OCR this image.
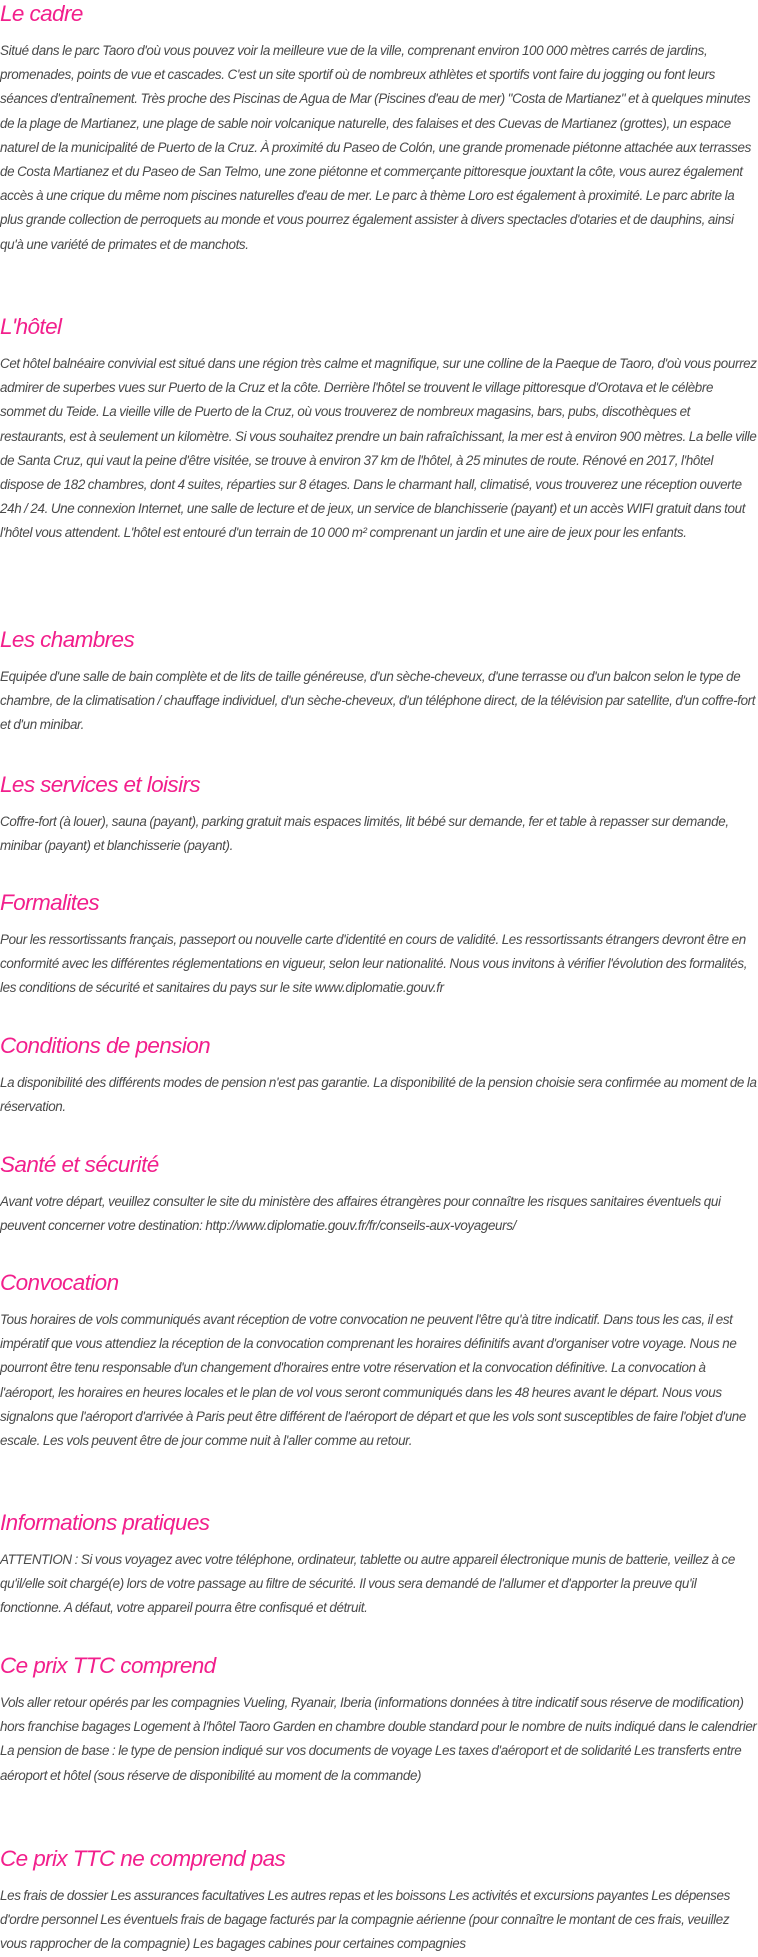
Le cadre

Situé dans le parc Taoro d'où vous pouvez voir la meilleure vue de la ville, comprenant environ 100 000 mètres carrés de jardins, promenades, points de vue et cascades. C'est un site sportif où de nombreux athlètes et sportifs vont faire du jogging ou font leurs séances d'entraînement. Très proche des Piscinas de Agua de Mar (Piscines d'eau de mer) "Costa de Martianez" et à quelques minutes de la plage de Martianez, une plage de sable noir volcanique naturelle, des falaises et des Cuevas de Martianez (grottes), un espace naturel de la municipalité de Puerto de la Cruz. À proximité du Paseo de Colón, une grande promenade piétonne attachée aux terrasses de Costa Martianez et du Paseo de San Telmo, une zone piétonne et commerçante pittoresque jouxtant la côte, vous aurez également accès à une crique du même nom piscines naturelles d'eau de mer. Le parc à thème Loro est également à proximité. Le parc abrite la plus grande collection de perroquets au monde et vous pourrez également assister à divers spectacles d'otaries et de dauphins, ainsi qu'à une variété de primates et de manchots.

L'hôtel

Cet hôtel balnéaire convivial est situé dans une région très calme et magnifique, sur une colline de la Paeque de Taoro, d'où vous pourrez admirer de superbes vues sur Puerto de la Cruz et la côte. Derrière l'hôtel se trouvent le village pittoresque d'Orotava et le célèbre sommet du Teide. La vieille ville de Puerto de la Cruz, où vous trouverez de nombreux magasins, bars, pubs, discothèques et restaurants, est à seulement un kilomètre. Si vous souhaitez prendre un bain rafraîchissant, la mer est à environ 900 mètres. La belle ville de Santa Cruz, qui vaut la peine d'être visitée, se trouve à environ 37 km de l'hôtel, à 25 minutes de route. Rénové en 2017, l'hôtel dispose de 182 chambres, dont 4 suites, réparties sur 8 étages. Dans le charmant hall, climatisé, vous trouverez une réception ouverte 24h / 24. Une connexion Internet, une salle de lecture et de jeux, un service de blanchisserie (payant) et un accès WIFI gratuit dans tout l'hôtel vous attendent. L'hôtel est entouré d'un terrain de 10 000 m² comprenant un jardin et une aire de jeux pour les enfants.

Les chambres

Equipée d'une salle de bain complète et de lits de taille généreuse, d'un sèche-cheveux, d'une terrasse ou d'un balcon selon le type de chambre, de la climatisation / chauffage individuel, d'un sèche-cheveux, d'un téléphone direct, de la télévision par satellite, d'un coffre-fort et d'un minibar.

Les services et loisirs

Coffre-fort (à louer), sauna (payant), parking gratuit mais espaces limités, lit bébé sur demande, fer et table à repasser sur demande, minibar (payant) et blanchisserie (payant).

Formalites

Pour les ressortissants français, passeport ou nouvelle carte d'identité en cours de validité. Les ressortissants étrangers devront être en conformité avec les différentes réglementations en vigueur, selon leur nationalité. Nous vous invitons à vérifier l'évolution des formalités, les conditions de sécurité et sanitaires du pays sur le site www.diplomatie.gouv.fr

Conditions de pension

La disponibilité des différents modes de pension n'est pas garantie. La disponibilité de la pension choisie sera confirmée au moment de la réservation.

Santé et sécurité

Avant votre départ, veuillez consulter le site du ministère des affaires étrangères pour connaître les risques sanitaires éventuels qui peuvent concerner votre destination: http://www.diplomatie.gouv.fr/fr/conseils-aux-voyageurs/

Convocation

Tous horaires de vols communiqués avant réception de votre convocation ne peuvent l'être qu'à titre indicatif. Dans tous les cas, il est impératif que vous attendiez la réception de la convocation comprenant les horaires définitifs avant d'organiser votre voyage. Nous ne pourront être tenu responsable d'un changement d'horaires entre votre réservation et la convocation définitive. La convocation à l'aéroport, les horaires en heures locales et le plan de vol vous seront communiqués dans les 48 heures avant le départ. Nous vous signalons que l'aéroport d'arrivée à Paris peut être différent de l'aéroport de départ et que les vols sont susceptibles de faire l'objet d'une escale. Les vols peuvent être de jour comme nuit à l'aller comme au retour.

Informations pratiques

ATTENTION : Si vous voyagez avec votre téléphone, ordinateur, tablette ou autre appareil électronique munis de batterie, veillez à ce qu'il/elle soit chargé(e) lors de votre passage au filtre de sécurité. Il vous sera demandé de l'allumer et d'apporter la preuve qu'il fonctionne. A défaut, votre appareil pourra être confisqué et détruit.

Ce prix TTC comprend

Vols aller retour opérés par les compagnies Vueling, Ryanair, Iberia (informations données à titre indicatif sous réserve de modification) hors franchise bagages Logement à l'hôtel Taoro Garden en chambre double standard pour le nombre de nuits indiqué dans le calendrier La pension de base : le type de pension indiqué sur vos documents de voyage Les taxes d'aéroport et de solidarité Les transferts entre aéroport et hôtel (sous réserve de disponibilité au moment de la commande)

Ce prix TTC ne comprend pas

Les frais de dossier Les assurances facultatives Les autres repas et les boissons Les activités et excursions payantes Les dépenses d'ordre personnel Les éventuels frais de bagage facturés par la compagnie aérienne (pour connaître le montant de ces frais, veuillez vous rapprocher de la compagnie) Les bagages cabines pour certaines compagnies
